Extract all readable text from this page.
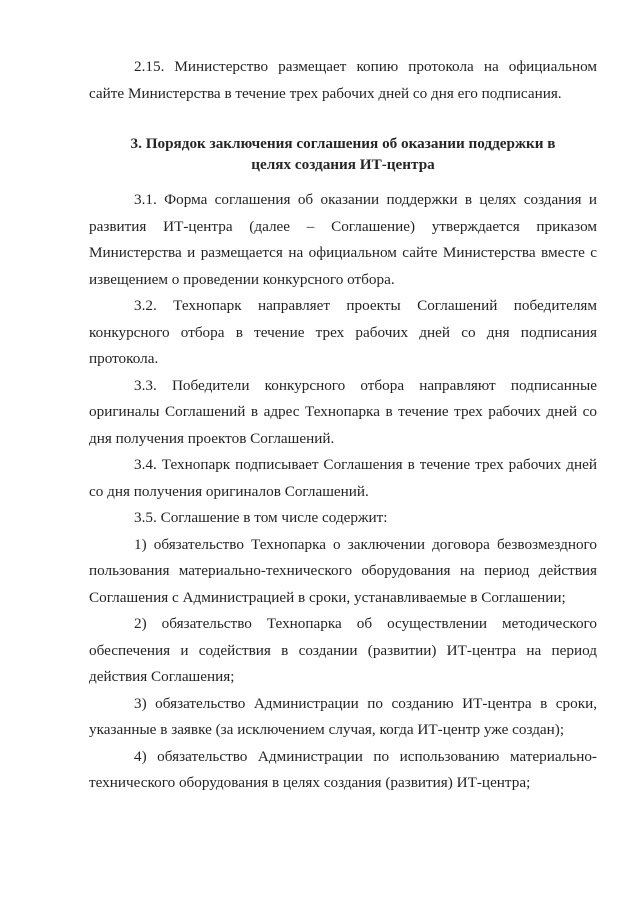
2.15. Министерство размещает копию протокола на официальном сайте Министерства в течение трех рабочих дней со дня его подписания.

3. Порядок заключения соглашения об оказании поддержки в целях создания ИТ-центра

3.1. Форма соглашения об оказании поддержки в целях создания и развития ИТ-центра (далее – Соглашение) утверждается приказом Министерства и размещается на официальном сайте Министерства вместе с извещением о проведении конкурсного отбора.

3.2. Технопарк направляет проекты Соглашений победителям конкурсного отбора в течение трех рабочих дней со дня подписания протокола.

3.3. Победители конкурсного отбора направляют подписанные оригиналы Соглашений в адрес Технопарка в течение трех рабочих дней со дня получения проектов Соглашений.

3.4. Технопарк подписывает Соглашения в течение трех рабочих дней со дня получения оригиналов Соглашений.

3.5. Соглашение в том числе содержит:

1) обязательство Технопарка о заключении договора безвозмездного пользования материально-технического оборудования на период действия Соглашения с Администрацией в сроки, устанавливаемые в Соглашении;

2) обязательство Технопарка об осуществлении методического обеспечения и содействия в создании (развитии) ИТ-центра на период действия Соглашения;

3) обязательство Администрации по созданию ИТ-центра в сроки, указанные в заявке (за исключением случая, когда ИТ-центр уже создан);

4) обязательство Администрации по использованию материально-технического оборудования в целях создания (развития) ИТ-центра;
